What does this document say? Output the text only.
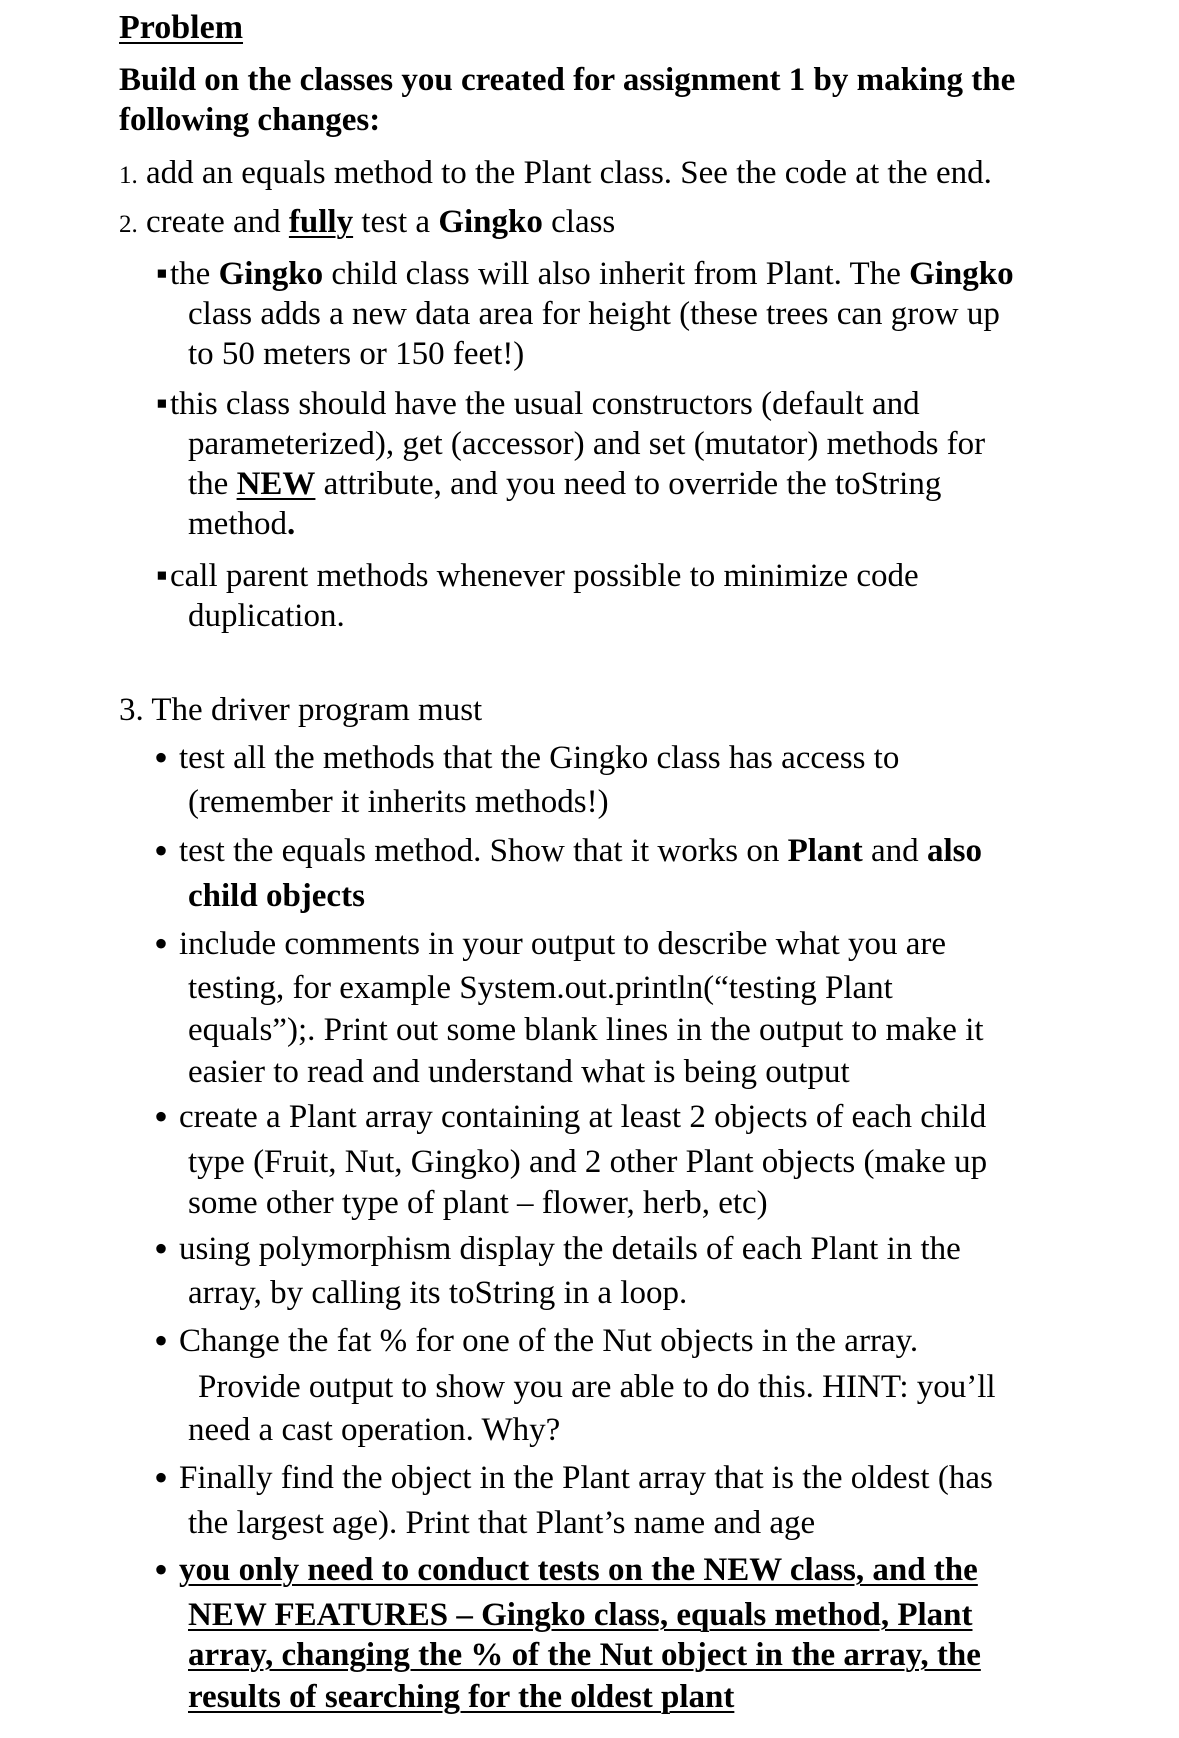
Problem
Build on the classes you created for assignment 1 by making the
following changes:
1. add an equals method to the Plant class. See the code at the end.
2. create and fully test a Gingko class
▪ the Gingko child class will also inherit from Plant. The Gingko
class adds a new data area for height (these trees can grow up
to 50 meters or 150 feet!)
▪ this class should have the usual constructors (default and
parameterized), get (accessor) and set (mutator) methods for
the NEW attribute, and you need to override the toString
method.
▪ call parent methods whenever possible to minimize code
duplication.
3. The driver program must
• test all the methods that the Gingko class has access to
(remember it inherits methods!)
• test the equals method. Show that it works on Plant and also
child objects
• include comments in your output to describe what you are
testing, for example System.out.println(“testing Plant
equals”);. Print out some blank lines in the output to make it
easier to read and understand what is being output
• create a Plant array containing at least 2 objects of each child
type (Fruit, Nut, Gingko) and 2 other Plant objects (make up
some other type of plant – flower, herb, etc)
• using polymorphism display the details of each Plant in the
array, by calling its toString in a loop.
• Change the fat % for one of the Nut objects in the array.
Provide output to show you are able to do this. HINT: you’ll
need a cast operation. Why?
• Finally find the object in the Plant array that is the oldest (has
the largest age). Print that Plant’s name and age
• you only need to conduct tests on the NEW class, and the
NEW FEATURES – Gingko class, equals method, Plant
array, changing the % of the Nut object in the array, the
results of searching for the oldest plant
